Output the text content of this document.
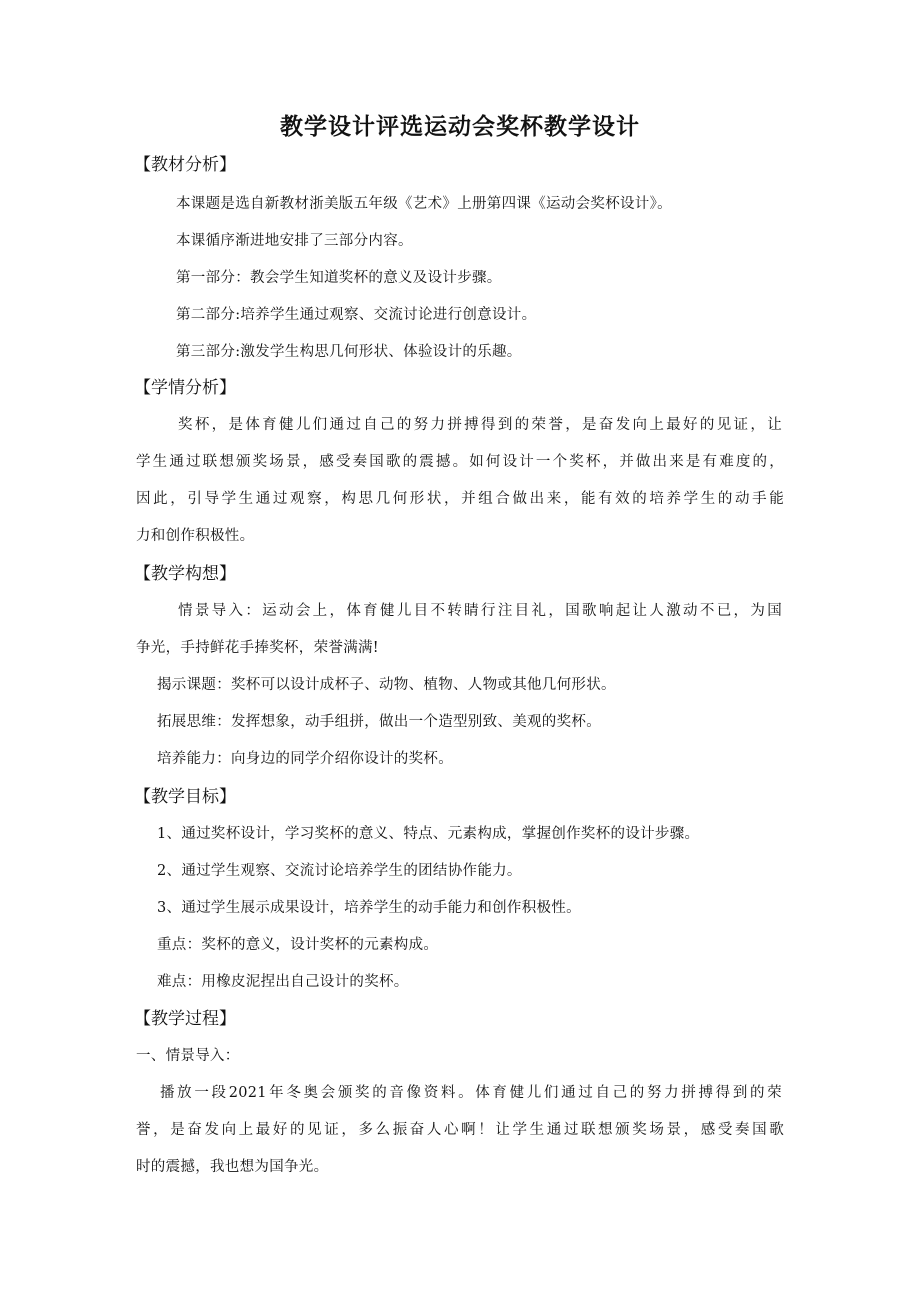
教学设计评选运动会奖杯教学设计
【教材分析】
本课题是选自新教材浙美版五年级《艺术》上册第四课《运动会奖杯设计》。
本课循序渐进地安排了三部分内容。
第一部分：教会学生知道奖杯的意义及设计步骤。
第二部分:培养学生通过观察、交流讨论进行创意设计。
第三部分:激发学生构思几何形状、体验设计的乐趣。
【学情分析】
奖杯，是体育健儿们通过自己的努力拼搏得到的荣誉，是奋发向上最好的见证，让
学生通过联想颁奖场景，感受奏国歌的震撼。如何设计一个奖杯，并做出来是有难度的，
因此，引导学生通过观察，构思几何形状，并组合做出来，能有效的培养学生的动手能
力和创作积极性。
【教学构想】
情景导入：运动会上，体育健儿目不转睛行注目礼，国歌响起让人激动不已，为国
争光，手持鲜花手捧奖杯，荣誉满满!
揭示课题：奖杯可以设计成杯子、动物、植物、人物或其他几何形状。
拓展思维：发挥想象，动手组拼，做出一个造型别致、美观的奖杯。
培养能力：向身边的同学介绍你设计的奖杯。
【教学目标】
1、通过奖杯设计，学习奖杯的意义、特点、元素构成，掌握创作奖杯的设计步骤。
2、通过学生观察、交流讨论培养学生的团结协作能力。
3、通过学生展示成果设计，培养学生的动手能力和创作积极性。
重点：奖杯的意义，设计奖杯的元素构成。
难点：用橡皮泥捏出自己设计的奖杯。
【教学过程】
一、情景导入：
播放一段2021年冬奥会颁奖的音像资料。体育健儿们通过自己的努力拼搏得到的荣
誉，是奋发向上最好的见证，多么振奋人心啊！让学生通过联想颁奖场景，感受奏国歌
时的震撼，我也想为国争光。
